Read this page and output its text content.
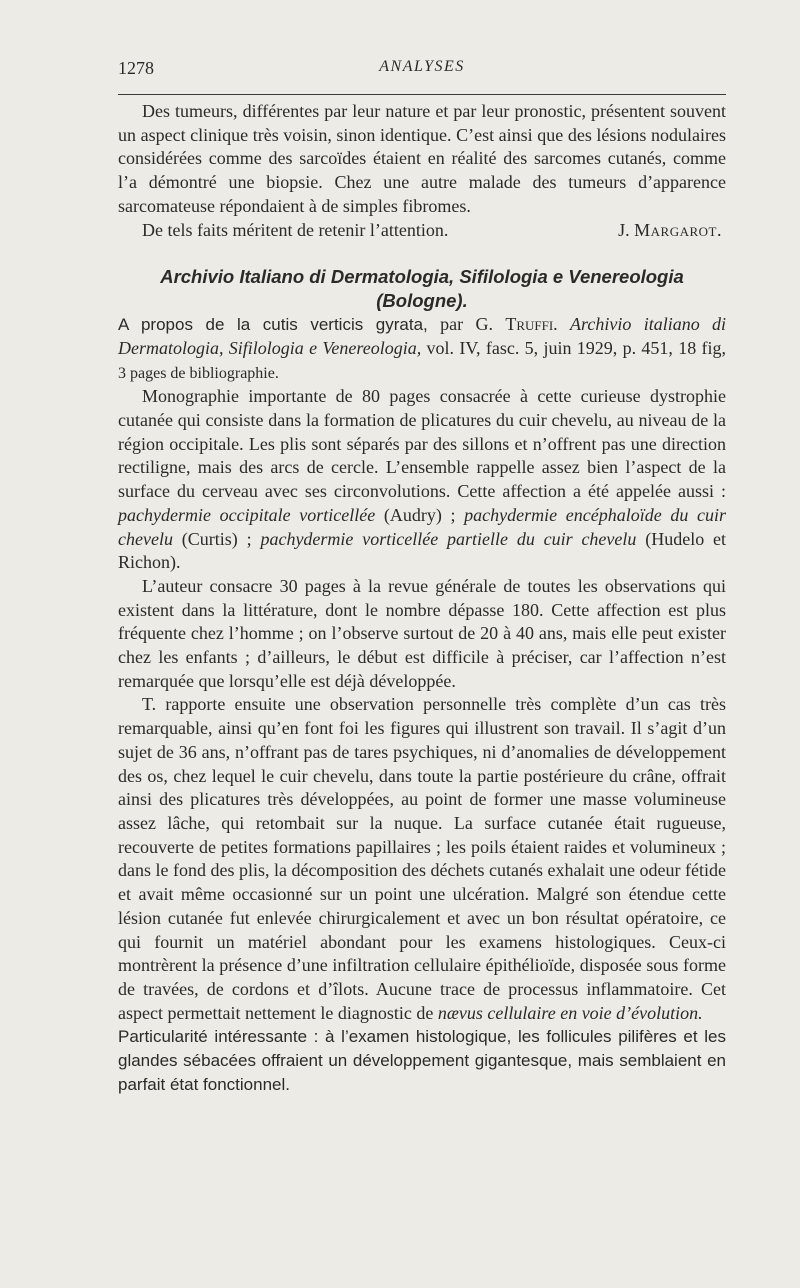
1278	ANALYSES

Des tumeurs, différentes par leur nature et par leur pronostic, présentent souvent un aspect clinique très voisin, sinon identique. C’est ainsi que des lésions nodulaires considérées comme des sarcoïdes étaient en réalité des sarcomes cutanés, comme l’a démontré une biopsie. Chez une autre malade des tumeurs d’apparence sarcomateuse répondaient à de simples fibromes.

De tels faits méritent de retenir l’attention.	J. Margarot.
Archivio Italiano di Dermatologia, Sifilologia e Venereologia
(Bologne).

A propos de la cutis verticis gyrata, par G. Truffi. Archivio italiano di Dermatologia, Sifilologia e Venereologia, vol. IV, fasc. 5, juin 1929, p. 451, 18 fig, 3 pages de bibliographie.

Monographie importante de 80 pages consacrée à cette curieuse dystrophie cutanée qui consiste dans la formation de plicatures du cuir chevelu, au niveau de la région occipitale. Les plis sont séparés par des sillons et n’offrent pas une direction rectiligne, mais des arcs de cercle. L’ensemble rappelle assez bien l’aspect de la surface du cerveau avec ses circonvolutions. Cette affection a été appelée aussi : pachydermie occipitale vorticellée (Audry) ; pachydermie encéphaloïde du cuir chevelu (Curtis) ; pachydermie vorticellée partielle du cuir chevelu (Hudelo et Richon).

L’auteur consacre 30 pages à la revue générale de toutes les observations qui existent dans la littérature, dont le nombre dépasse 180. Cette affection est plus fréquente chez l’homme ; on l’observe surtout de 20 à 40 ans, mais elle peut exister chez les enfants ; d’ailleurs, le début est difficile à préciser, car l’affection n’est remarquée que lorsqu’elle est déjà développée.

T. rapporte ensuite une observation personnelle très complète d’un cas très remarquable, ainsi qu’en font foi les figures qui illustrent son travail. Il s’agit d’un sujet de 36 ans, n’offrant pas de tares psychiques, ni d’anomalies de développement des os, chez lequel le cuir chevelu, dans toute la partie postérieure du crâne, offrait ainsi des plicatures très développées, au point de former une masse volumineuse assez lâche, qui retombait sur la nuque. La surface cutanée était rugueuse, recouverte de petites formations papillaires ; les poils étaient raides et volumineux ; dans le fond des plis, la décomposition des déchets cutanés exhalait une odeur fétide et avait même occasionné sur un point une ulcération. Malgré son étendue cette lésion cutanée fut enlevée chirurgicalement et avec un bon résultat opératoire, ce qui fournit un matériel abondant pour les examens histologiques. Ceux-ci montrèrent la présence d’une infiltration cellulaire épithélioïde, disposée sous forme de travées, de cordons et d’îlots. Aucune trace de processus inflammatoire. Cet aspect permettait nettement le diagnostic de nævus cellulaire en voie d’évolution.

Particularité intéressante : à l’examen histologique, les follicules pilifères et les glandes sébacées offraient un développement gigantesque, mais semblaient en parfait état fonctionnel.
